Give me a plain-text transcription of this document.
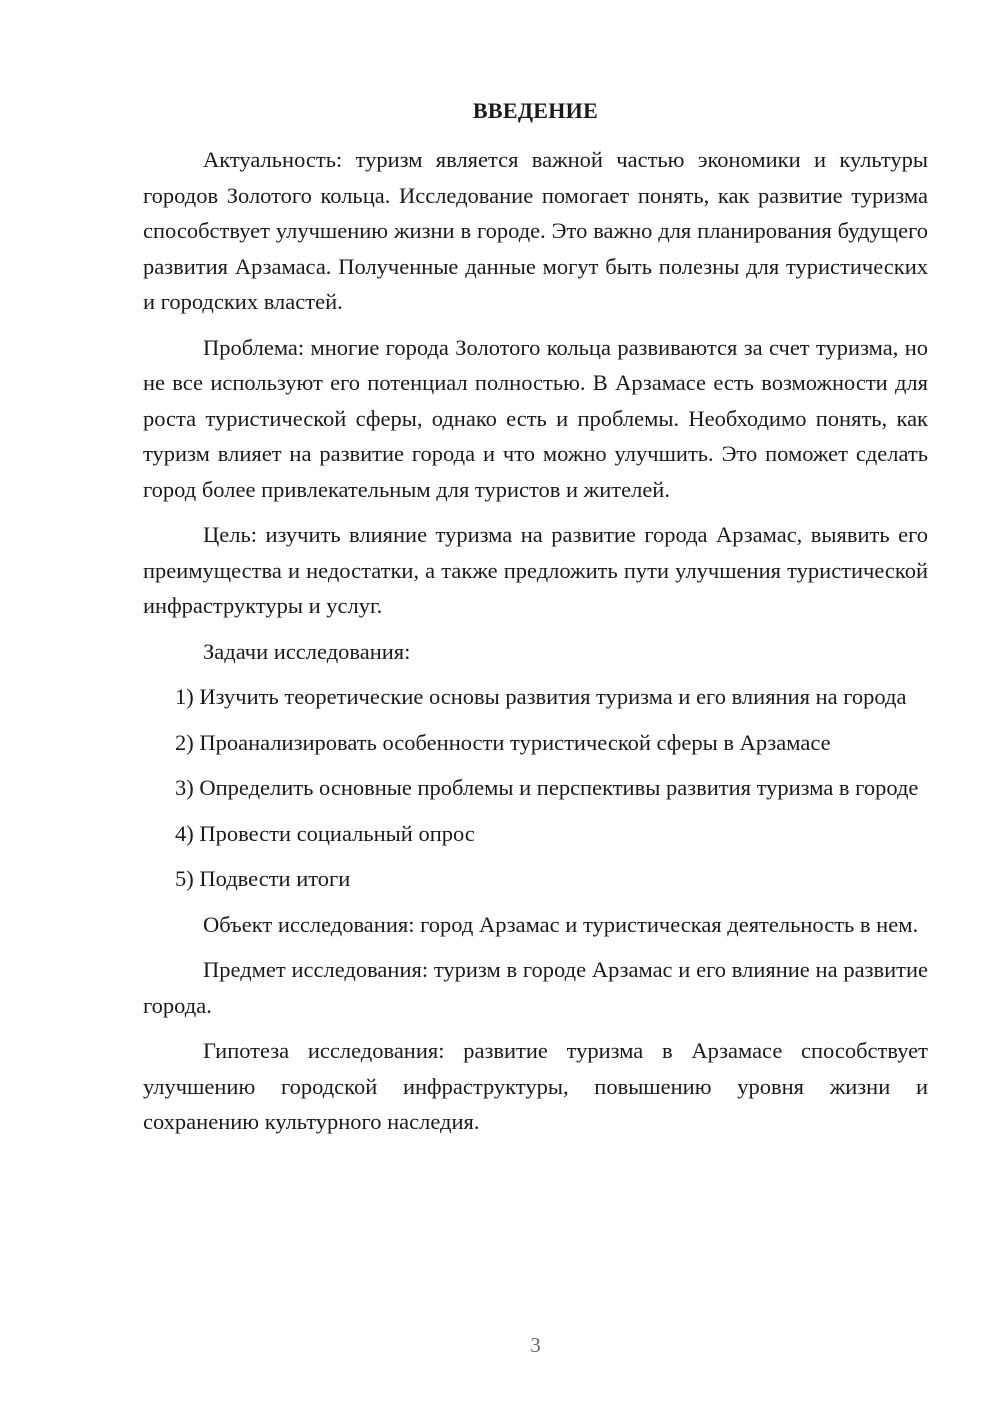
ВВЕДЕНИЕ

Актуальность: туризм является важной частью экономики и культуры городов Золотого кольца. Исследование помогает понять, как развитие туризма способствует улучшению жизни в городе. Это важно для планирования будущего развития Арзамаса. Полученные данные могут быть полезны для туристических и городских властей.

Проблема: многие города Золотого кольца развиваются за счет туризма, но не все используют его потенциал полностью. В Арзамасе есть возможности для роста туристической сферы, однако есть и проблемы. Необходимо понять, как туризм влияет на развитие города и что можно улучшить. Это поможет сделать город более привлекательным для туристов и жителей.

Цель: изучить влияние туризма на развитие города Арзамас, выявить его преимущества и недостатки, а также предложить пути улучшения туристической инфраструктуры и услуг.

Задачи исследования:

1) Изучить теоретические основы развития туризма и его влияния на города

2) Проанализировать особенности туристической сферы в Арзамасе

3) Определить основные проблемы и перспективы развития туризма в городе

4) Провести социальный опрос

5) Подвести итоги

Объект исследования: город Арзамас и туристическая деятельность в нем.

Предмет исследования: туризм в городе Арзамас и его влияние на развитие города.

Гипотеза исследования: развитие туризма в Арзамасе способствует улучшению городской инфраструктуры, повышению уровня жизни и сохранению культурного наследия.

3
